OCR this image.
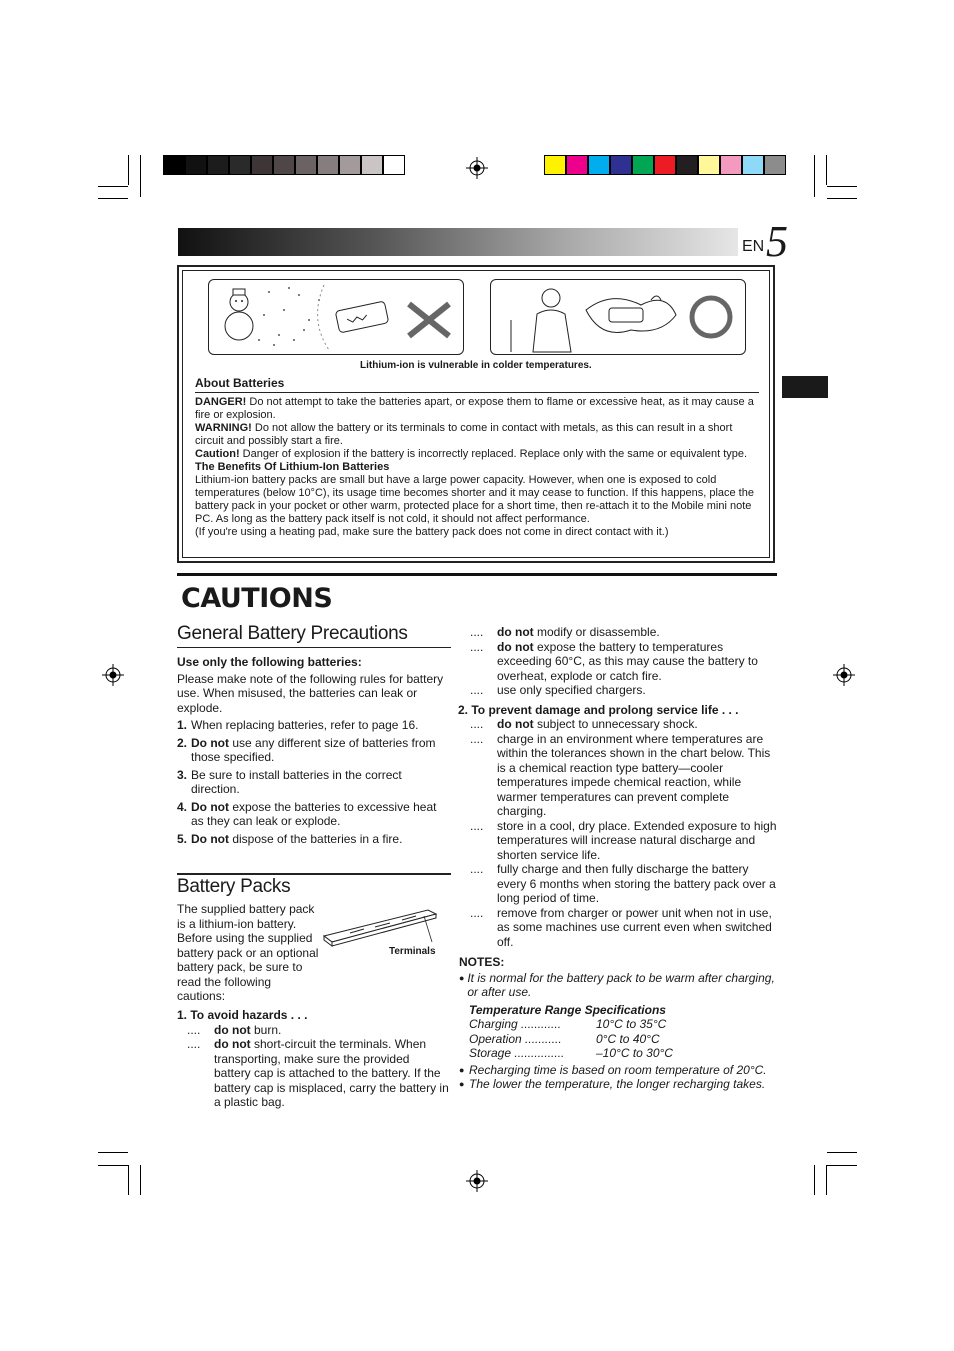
EN 5
Lithium-ion is vulnerable in colder temperatures.
About Batteries
DANGER! Do not attempt to take the batteries apart, or expose them to flame or excessive heat, as it may cause a fire or explosion.
WARNING! Do not allow the battery or its terminals to come in contact with metals, as this can result in a short circuit and possibly start a fire.
Caution! Danger of explosion if the battery is incorrectly replaced. Replace only with the same or equivalent type.
The Benefits Of Lithium-Ion Batteries
Lithium-ion battery packs are small but have a large power capacity. However, when one is exposed to cold temperatures (below 10°C), its usage time becomes shorter and it may cease to function. If this happens, place the battery pack in your pocket or other warm, protected place for a short time, then re-attach it to the Mobile mini note PC. As long as the battery pack itself is not cold, it should not affect performance.
(If you're using a heating pad, make sure the battery pack does not come in direct contact with it.)
CAUTIONS
General Battery Precautions

Use only the following batteries:

Please make note of the following rules for battery use. When misused, the batteries can leak or explode.

1. When replacing batteries, refer to page 16.
2. Do not use any different size of batteries from those specified.
3. Be sure to install batteries in the correct direction.
4. Do not expose the batteries to excessive heat as they can leak or explode.
5. Do not dispose of the batteries in a fire.
Battery Packs
The supplied battery pack is a lithium-ion battery. Before using the supplied battery pack or an optional battery pack, be sure to read the following cautions:
Terminals

1. To avoid hazards . . .

....	do not burn.
....	do not short-circuit the terminals. When transporting, make sure the provided battery cap is attached to the battery. If the battery cap is misplaced, carry the battery in a plastic bag.
....	do not modify or disassemble.
....	do not expose the battery to temperatures exceeding 60°C, as this may cause the battery to overheat, explode or catch fire.
....	use only specified chargers.

2. To prevent damage and prolong service life . . .

....	do not subject to unnecessary shock.
....	charge in an environment where temperatures are within the tolerances shown in the chart below. This is a chemical reaction type battery—cooler temperatures impede chemical reaction, while warmer temperatures can prevent complete charging.
....	store in a cool, dry place. Extended exposure to high temperatures will increase natural discharge and shorten service life.
....	fully charge and then fully discharge the battery every 6 months when storing the battery pack over a long period of time.
....	remove from charger or power unit when not in use, as some machines use current even when switched off.

NOTES:

● It is normal for the battery pack to be warm after charging, or after use.
Temperature Range Specifications
Charging ............	10°C to 35°C
Operation ...........	0°C to 40°C
Storage ...............	–10°C to 30°C
● Recharging time is based on room temperature of 20°C.
● The lower the temperature, the longer recharging takes.
